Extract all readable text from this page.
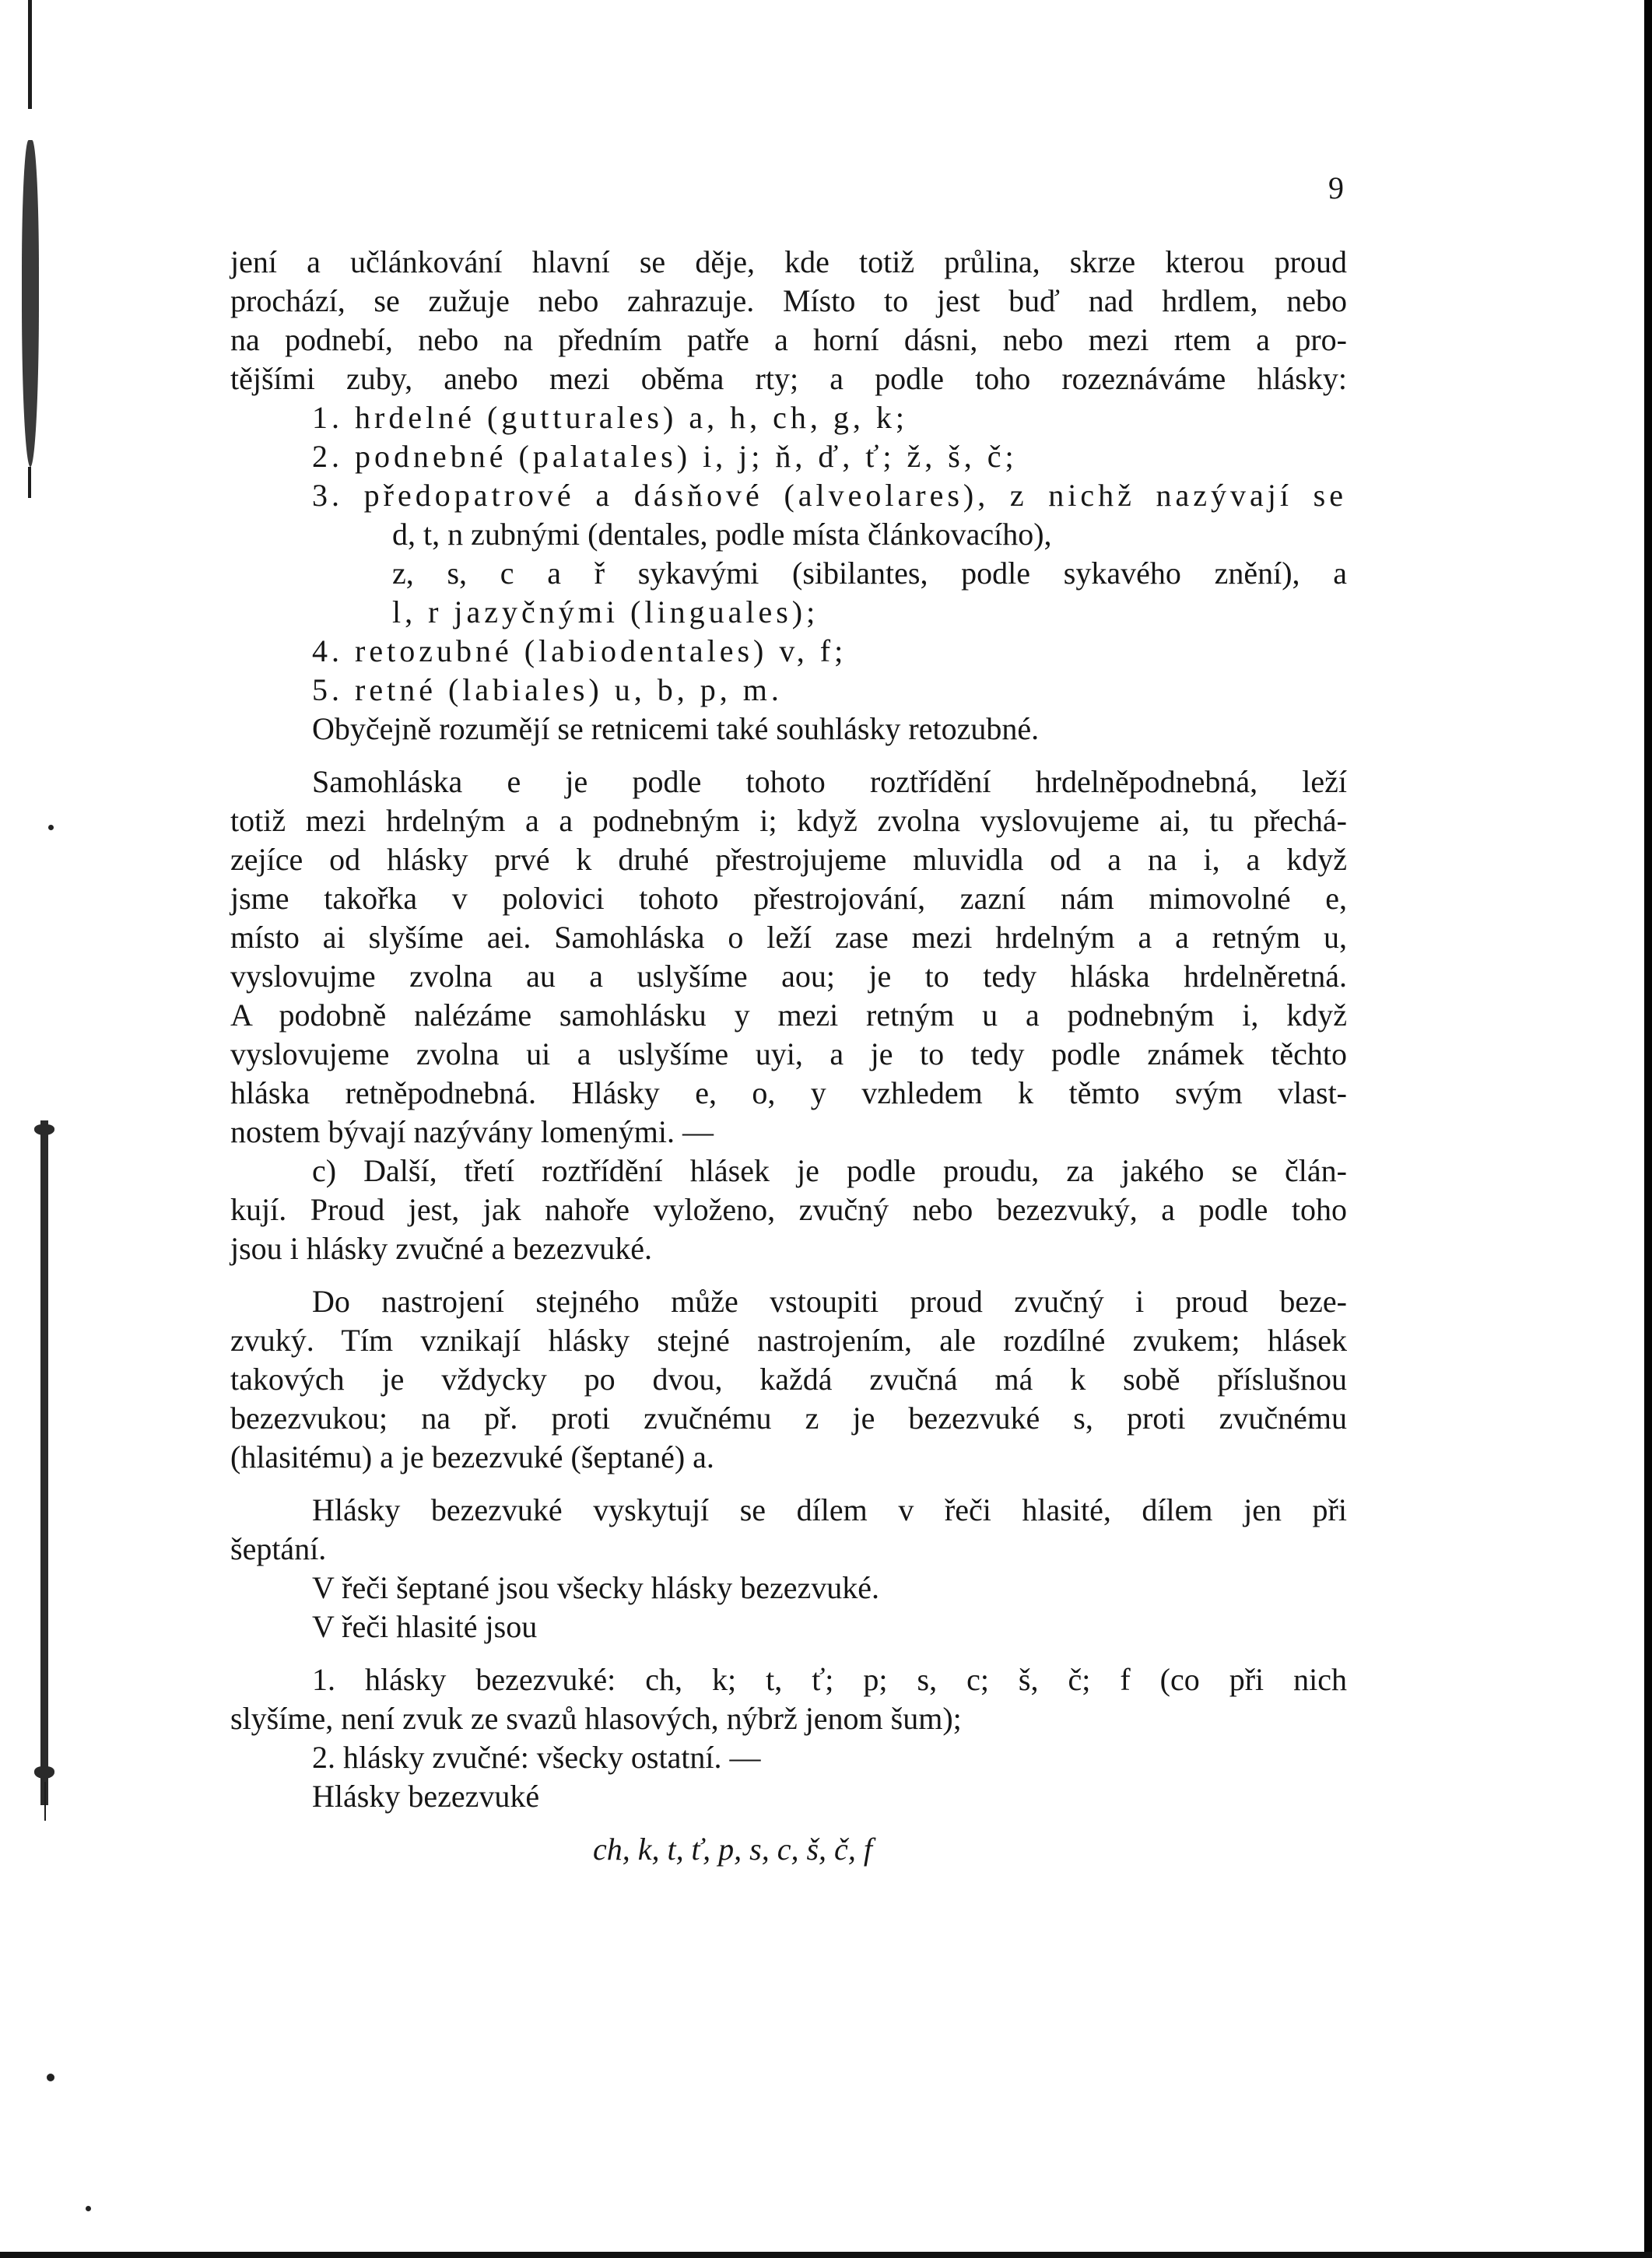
9
jení a učlánkování hlavní se děje, kde totiž průlina, skrze kterou proud
prochází, se zužuje nebo zahrazuje. Místo to jest buď nad hrdlem, nebo
na podnebí, nebo na předním patře a horní dásni, nebo mezi rtem a pro-
tějšími zuby, anebo mezi oběma rty; a podle toho rozeznáváme hlásky:
1. hrdelné (gutturales) a, h, ch, g, k;
2. podnebné (palatales) i, j; ň, ď, ť; ž, š, č;
3. předopatrové a dásňové (alveolares), z nichž nazývají se
d, t, n zubnými (dentales, podle místa článkovacího),
z, s, c a ř sykavými (sibilantes, podle sykavého znění), a
l, r jazyčnými (linguales);
4. retozubné (labiodentales) v, f;
5. retné (labiales) u, b, p, m.
Obyčejně rozumějí se retnicemi také souhlásky retozubné.
Samohláska e je podle tohoto roztřídění hrdelněpodnebná, leží
totiž mezi hrdelným a a podnebným i; když zvolna vyslovujeme ai, tu přechá-
zejíce od hlásky prvé k druhé přestrojujeme mluvidla od a na i, a když
jsme takořka v polovici tohoto přestrojování, zazní nám mimovolné e,
místo ai slyšíme aei. Samohláska o leží zase mezi hrdelným a a retným u,
vyslovujme zvolna au a uslyšíme aou; je to tedy hláska hrdelněretná.
A podobně nalézáme samohlásku y mezi retným u a podnebným i, když
vyslovujeme zvolna ui a uslyšíme uyi, a je to tedy podle známek těchto
hláska retněpodnebná. Hlásky e, o, y vzhledem k těmto svým vlast-
nostem bývají nazývány lomenými. —
c) Další, třetí roztřídění hlásek je podle proudu, za jakého se člán-
kují. Proud jest, jak nahoře vyloženo, zvučný nebo bezezvuký, a podle toho
jsou i hlásky zvučné a bezezvuké.
Do nastrojení stejného může vstoupiti proud zvučný i proud beze-
zvuký. Tím vznikají hlásky stejné nastrojením, ale rozdílné zvukem; hlásek
takových je vždycky po dvou, každá zvučná má k sobě příslušnou
bezezvukou; na př. proti zvučnému z je bezezvuké s, proti zvučnému
(hlasitému) a je bezezvuké (šeptané) a.
Hlásky bezezvuké vyskytují se dílem v řeči hlasité, dílem jen při
šeptání.
V řeči šeptané jsou všecky hlásky bezezvuké.
V řeči hlasité jsou
1. hlásky bezezvuké: ch, k; t, ť; p; s, c; š, č; f (co při nich
slyšíme, není zvuk ze svazů hlasových, nýbrž jenom šum);
2. hlásky zvučné: všecky ostatní. —
Hlásky bezezvuké
ch, k, t, ť, p, s, c, š, č, f
